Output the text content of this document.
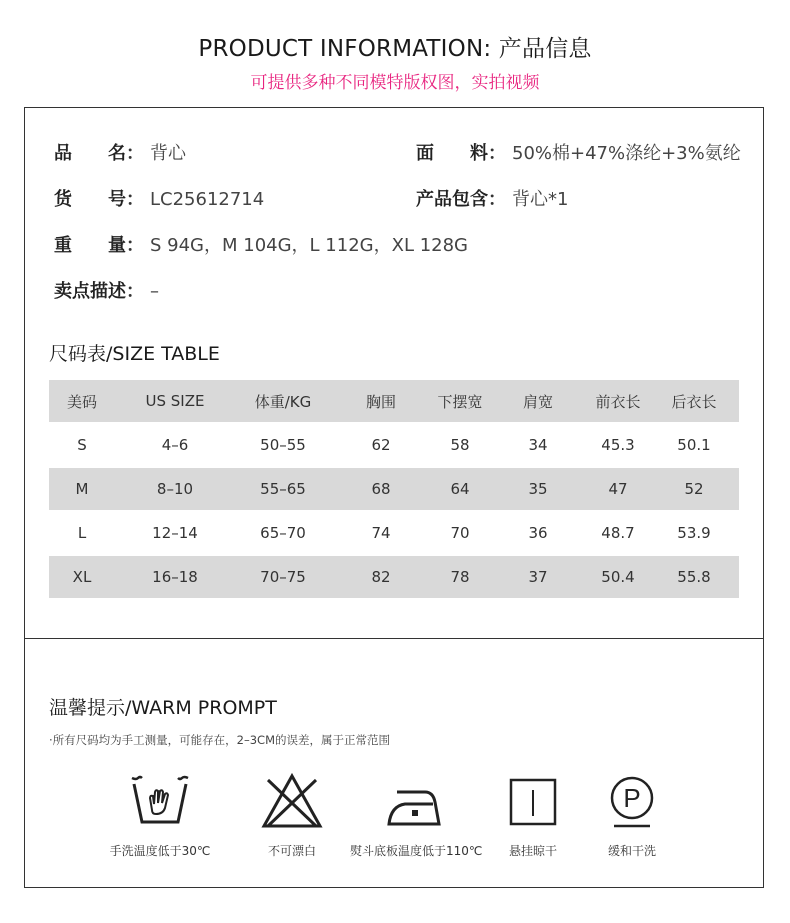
PRODUCT INFORMATION: 产品信息
可提供多种不同模特版权图，实拍视频
品 名 ： 背心	面 料 ： 50%棉+47%涤纶+3%氨纶
货 号 ： LC25612714	产品包含： 背心*1
重 量 ： S 94G，M 104G，L 112G，XL 128G
卖点描述： –
尺码表/SIZE TABLE
美码	US SIZE	体重/KG	胸围	下摆宽	肩宽	前衣长	后衣长
S	4–6	50–55	62	58	34	45.3	50.1
M	8–10	55–65	68	64	35	47	52
L	12–14	65–70	74	70	36	48.7	53.9
XL	16–18	70–75	82	78	37	50.4	55.8
温馨提示/WARM PROMPT
·所有尺码均为手工测量，可能存在，2–3CM的误差，属于正常范围
手洗温度低于30℃	不可漂白	熨斗底板温度低于110℃	悬挂晾干
P
缓和干洗
